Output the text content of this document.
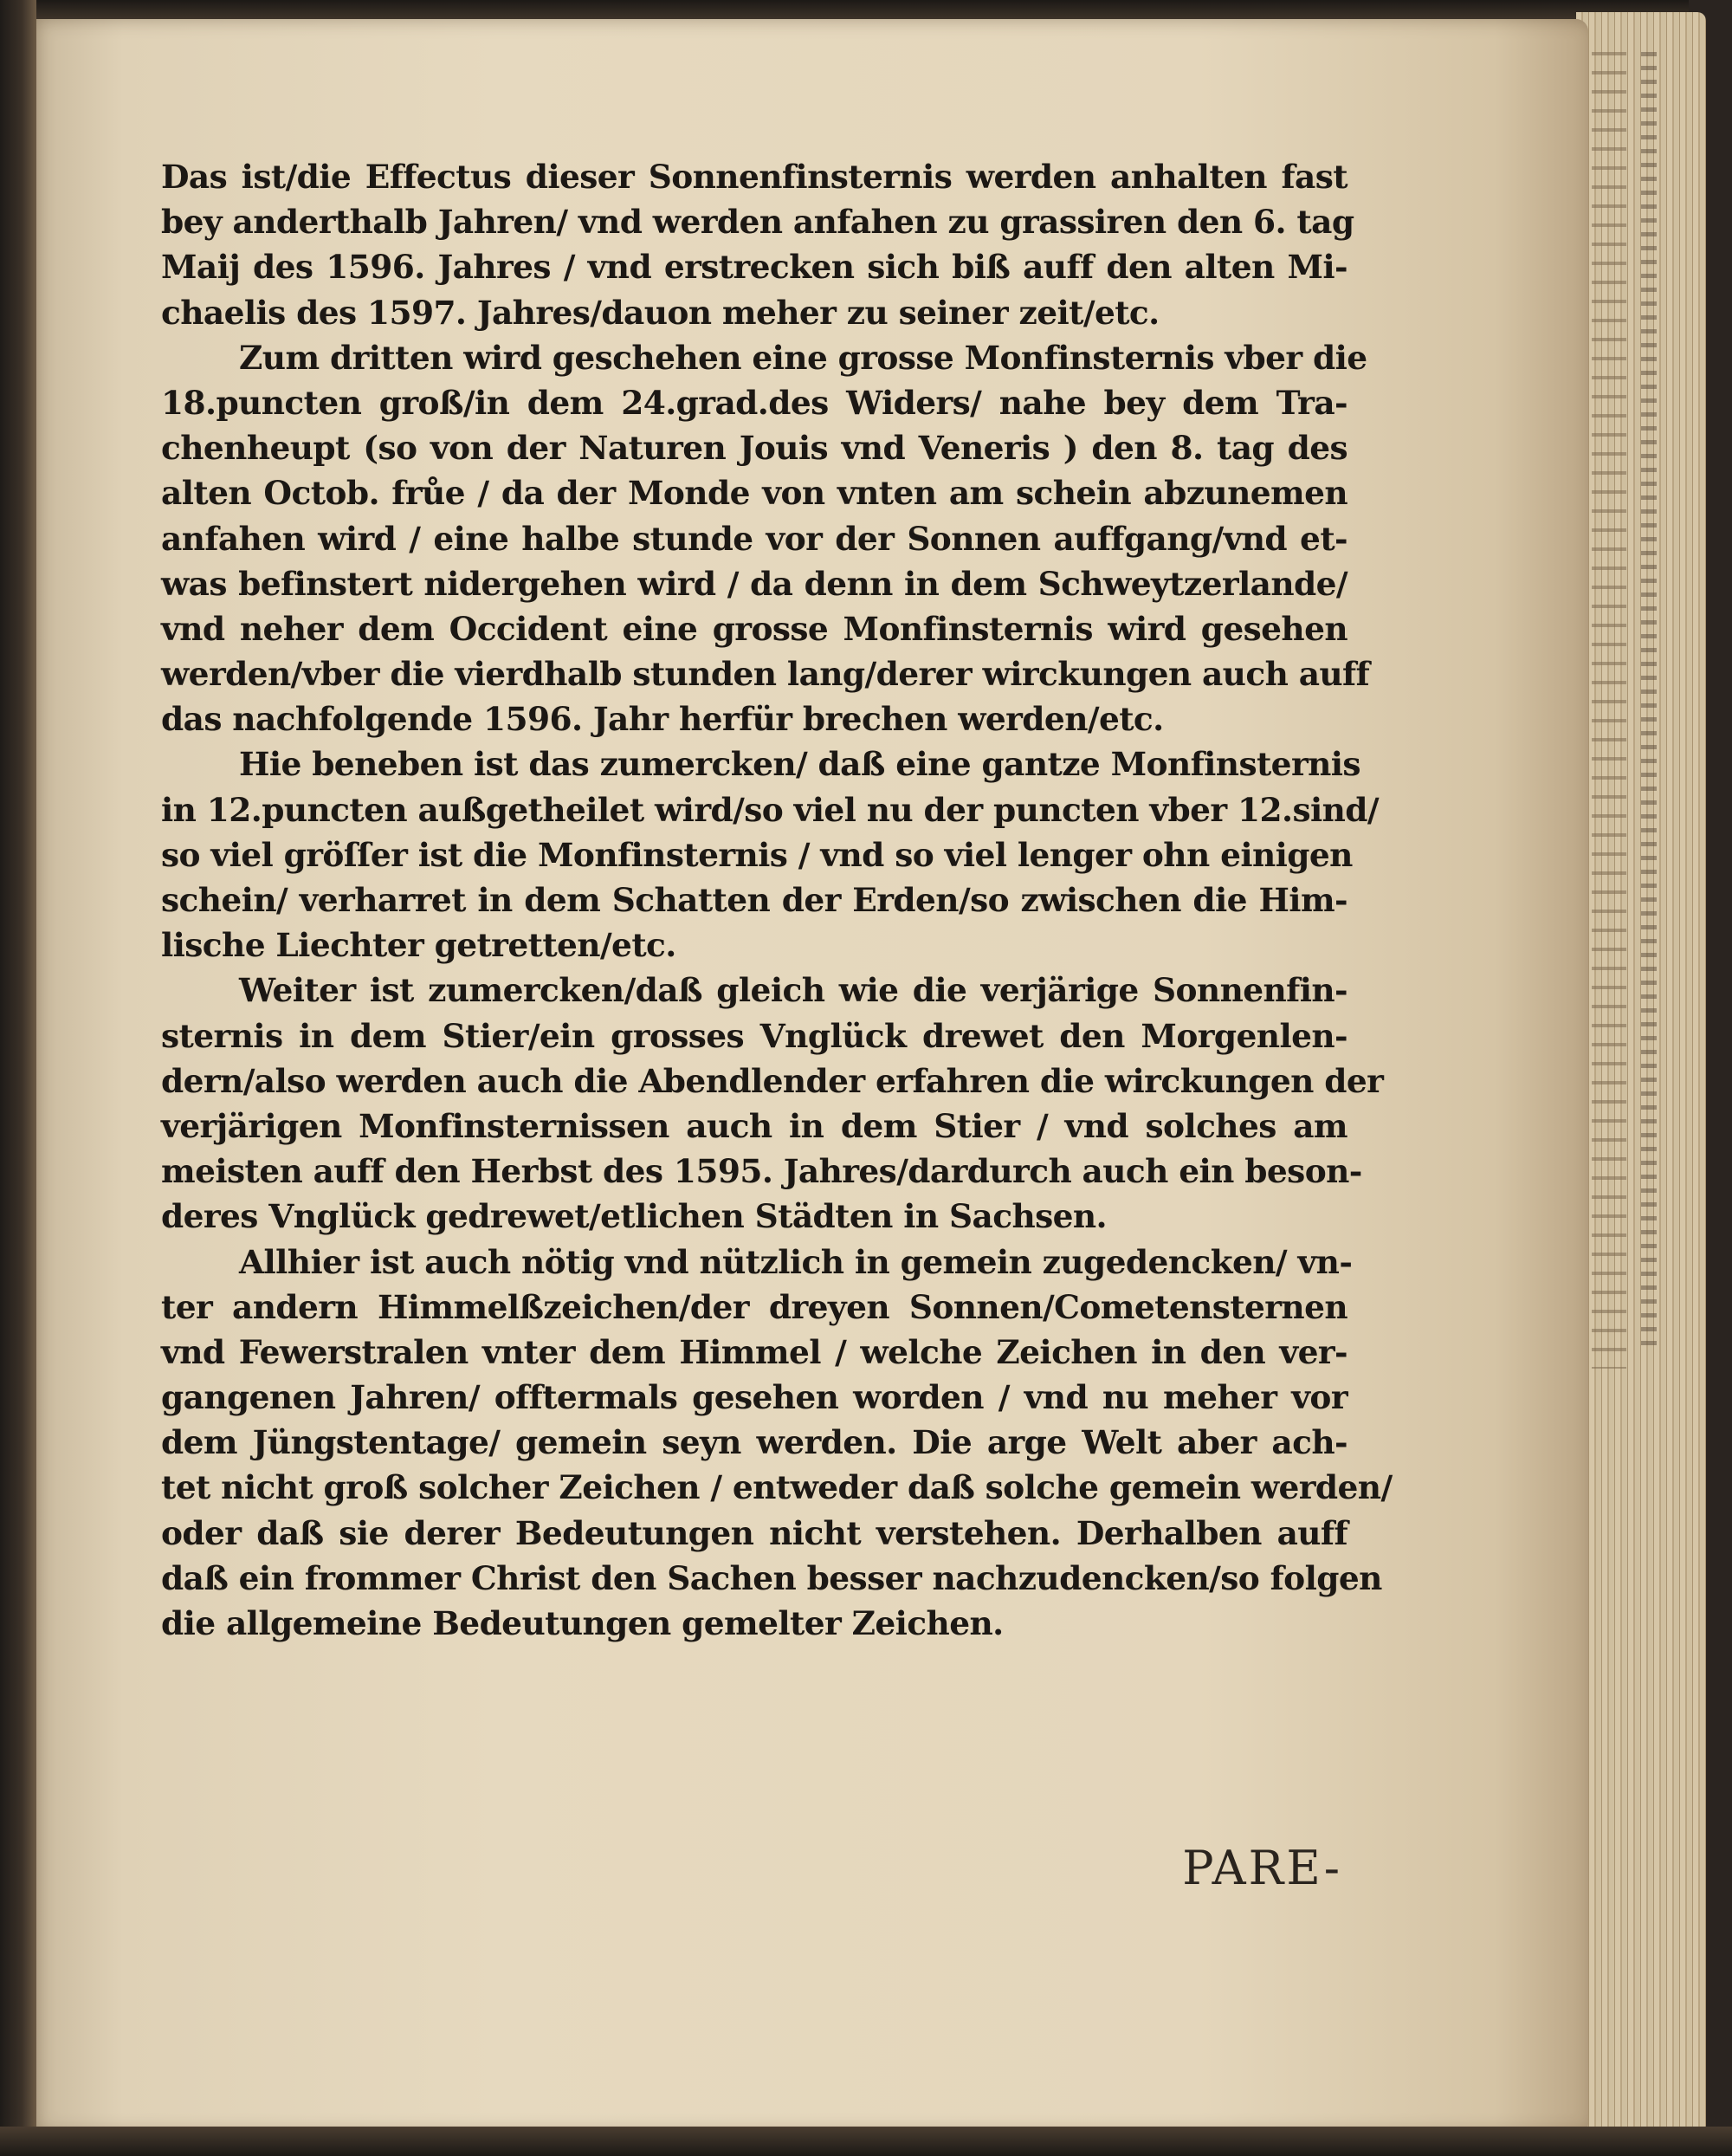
Das ist/die Effectus dieser Sonnenfinsternis werden anhalten fast
bey anderthalb Jahren/ vnd werden anfahen zu grassiren den 6. tag
Maij des 1596. Jahres / vnd erstrecken sich biß auff den alten Mi-
chaelis des 1597. Jahres/dauon meher zu seiner zeit/etc.
Zum dritten wird geschehen eine grosse Monfinsternis vber die
18.puncten groß/in dem 24.grad.des Widers/ nahe bey dem Tra-
chenheupt (so von der Naturen Jouis vnd Veneris ) den 8. tag des
alten Octob. frůe / da der Monde von vnten am schein abzunemen
anfahen wird / eine halbe stunde vor der Sonnen auffgang/vnd et-
was befinstert nidergehen wird / da denn in dem Schweytzerlande/
vnd neher dem Occident eine grosse Monfinsternis wird gesehen
werden/vber die vierdhalb stunden lang/derer wirckungen auch auff
das nachfolgende 1596. Jahr herfür brechen werden/etc.
Hie beneben ist das zumercken/ daß eine gantze Monfinsternis
in 12.puncten außgetheilet wird/so viel nu der puncten vber 12.sind/
so viel gröſſer ist die Monfinsternis / vnd so viel lenger ohn einigen
schein/ verharret in dem Schatten der Erden/so zwischen die Him-
lische Liechter getretten/etc.
Weiter ist zumercken/daß gleich wie die verjärige Sonnenfin-
sternis in dem Stier/ein grosses Vnglück drewet den Morgenlen-
dern/also werden auch die Abendlender erfahren die wirckungen der
verjärigen Monfinsternissen auch in dem Stier / vnd solches am
meisten auff den Herbst des 1595. Jahres/dardurch auch ein beson-
deres Vnglück gedrewet/etlichen Städten in Sachsen.
Allhier ist auch nötig vnd nützlich in gemein zugedencken/ vn-
ter andern Himmelßzeichen/der dreyen Sonnen/Cometensternen
vnd Fewerstralen vnter dem Himmel / welche Zeichen in den ver-
gangenen Jahren/ offtermals gesehen worden / vnd nu meher vor
dem Jüngstentage/ gemein seyn werden. Die arge Welt aber ach-
tet nicht groß solcher Zeichen / entweder daß solche gemein werden/
oder daß sie derer Bedeutungen nicht verstehen. Derhalben auff
daß ein frommer Christ den Sachen besser nachzudencken/so folgen
die allgemeine Bedeutungen gemelter Zeichen.
PARE-
